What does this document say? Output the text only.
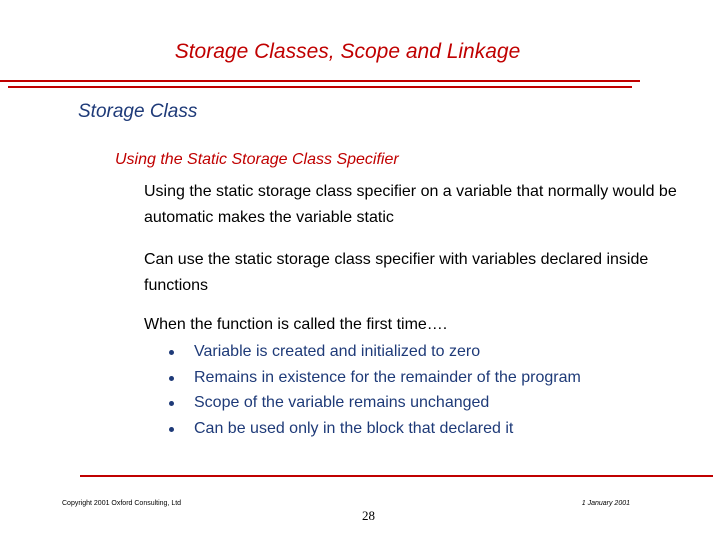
Storage Classes, Scope and Linkage
Storage Class
Using the Static Storage Class Specifier
Using the static storage class specifier on a variable that normally would be automatic makes the variable static
Can use the static storage class specifier with variables declared inside functions
When the function is called the first time….
Variable is created and initialized to zero
Remains in existence for the remainder of the program
Scope of the variable remains unchanged
Can be used only in the block that declared it
Copyright 2001 Oxford Consulting, Ltd	1 January 2001
28
